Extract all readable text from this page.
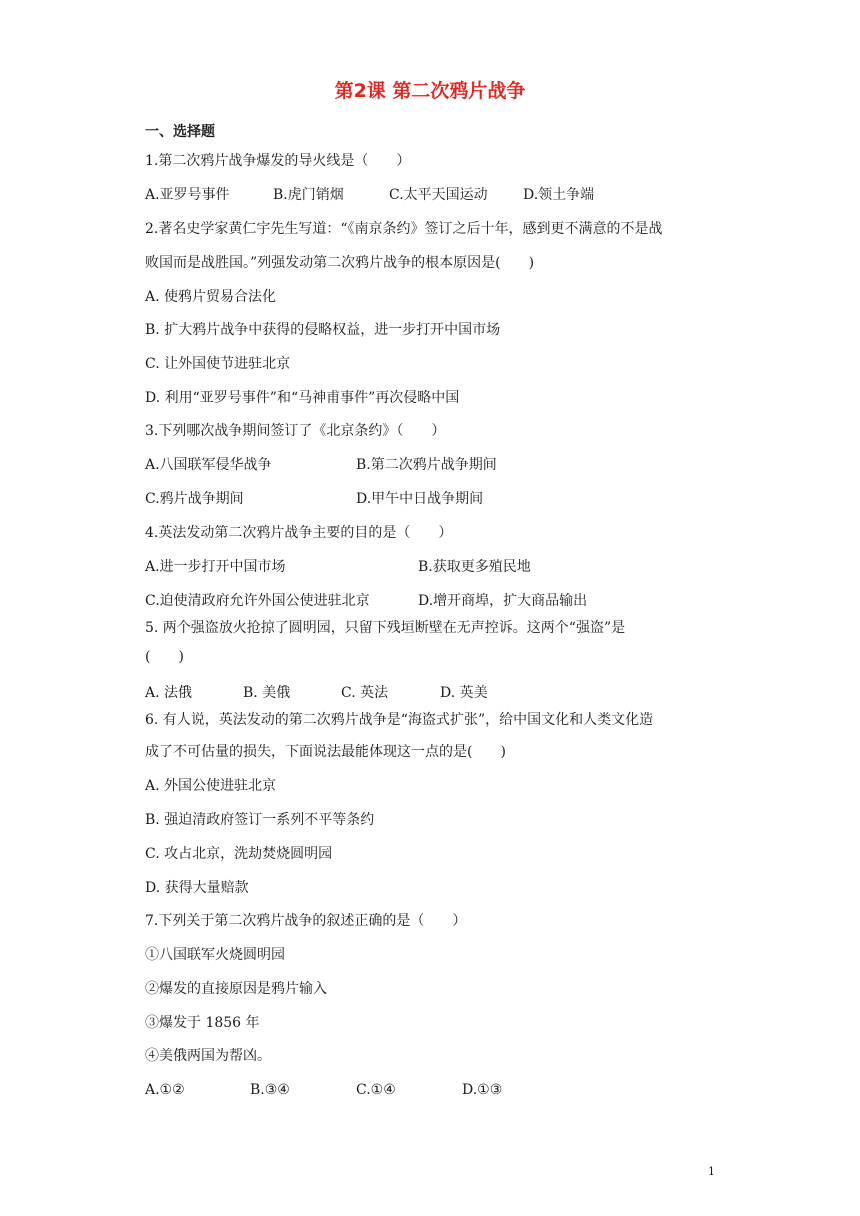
第2课 第二次鸦片战争
一、选择题
1.第二次鸦片战争爆发的导火线是（　　）
A.亚罗号事件	B.虎门销烟	C.太平天国运动	D.领土争端
2.著名史学家黄仁宇先生写道：“《南京条约》签订之后十年，感到更不满意的不是战
败国而是战胜国。”列强发动第二次鸦片战争的根本原因是(　　)
A. 使鸦片贸易合法化
B. 扩大鸦片战争中获得的侵略权益，进一步打开中国市场
C. 让外国使节进驻北京
D. 利用“亚罗号事件”和“马神甫事件”再次侵略中国
3.下列哪次战争期间签订了《北京条约》（　　）
A.八国联军侵华战争	B.第二次鸦片战争期间
C.鸦片战争期间	D.甲午中日战争期间
4.英法发动第二次鸦片战争主要的目的是（　　）
A.进一步打开中国市场	B.获取更多殖民地
C.迫使清政府允许外国公使进驻北京	D.增开商埠，扩大商品输出
5. 两个强盗放火抢掠了圆明园，只留下残垣断壁在无声控诉。这两个“强盗”是
(　　)
A. 法俄	B. 美俄	C. 英法	D. 英美
6. 有人说，英法发动的第二次鸦片战争是“海盗式扩张”，给中国文化和人类文化造
成了不可估量的损失，下面说法最能体现这一点的是(　　)
A. 外国公使进驻北京
B. 强迫清政府签订一系列不平等条约
C. 攻占北京，洗劫焚烧圆明园
D. 获得大量赔款
7.下列关于第二次鸦片战争的叙述正确的是（　　）
①八国联军火烧圆明园
②爆发的直接原因是鸦片输入
③爆发于 1856 年
④美俄两国为帮凶。
A.①②	B.③④	C.①④	D.①③
1
